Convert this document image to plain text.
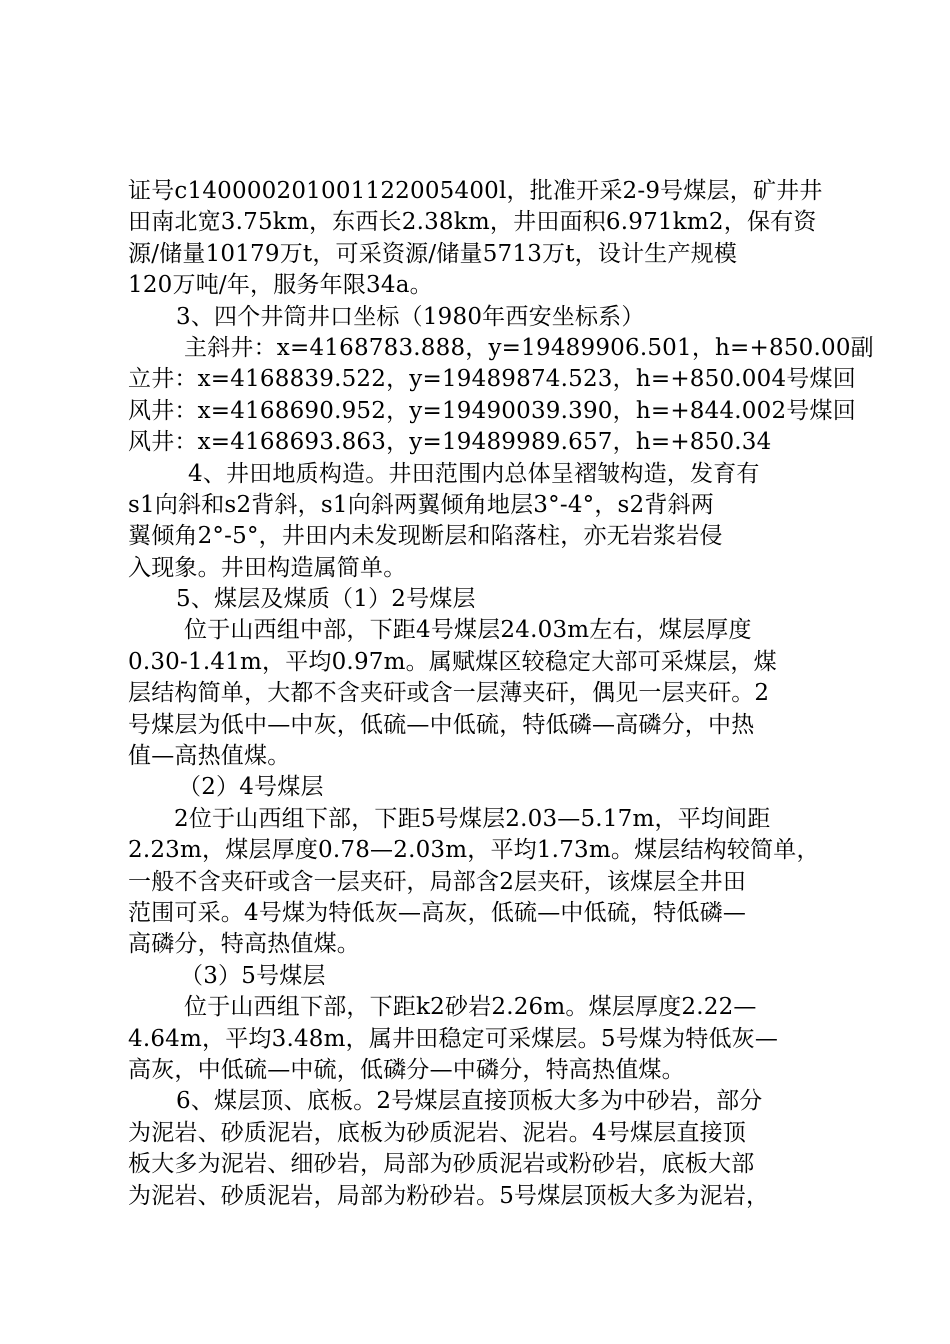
证号c140000201001122005400l，批准开采2-9号煤层，矿井井
田南北宽3.75km，东西长2.38km，井田面积6.971km2，保有资
源/储量10179万t，可采资源/储量5713万t，设计生产规模
120万吨/年，服务年限34a。
3、四个井筒井口坐标（1980年西安坐标系）
主斜井：x=4168783.888，y=19489906.501，h=+850.00副
立井：x=4168839.522，y=19489874.523，h=+850.004号煤回
风井：x=4168690.952，y=19490039.390，h=+844.002号煤回
风井：x=4168693.863，y=19489989.657，h=+850.34
4、井田地质构造。井田范围内总体呈褶皱构造，发育有
s1向斜和s2背斜，s1向斜两翼倾角地层3°-4°，s2背斜两
翼倾角2°-5°，井田内未发现断层和陷落柱，亦无岩浆岩侵
入现象。井田构造属简单。
5、煤层及煤质（1）2号煤层
位于山西组中部，下距4号煤层24.03m左右，煤层厚度
0.30-1.41m，平均0.97m。属赋煤区较稳定大部可采煤层，煤
层结构简单，大都不含夹矸或含一层薄夹矸，偶见一层夹矸。2
号煤层为低中—中灰，低硫—中低硫，特低磷—高磷分，中热
值—高热值煤。
（2）4号煤层
2位于山西组下部，下距5号煤层2.03—5.17m，平均间距
2.23m，煤层厚度0.78—2.03m，平均1.73m。煤层结构较简单，
一般不含夹矸或含一层夹矸，局部含2层夹矸，该煤层全井田
范围可采。4号煤为特低灰—高灰，低硫—中低硫，特低磷—
高磷分，特高热值煤。
（3）5号煤层
位于山西组下部，下距k2砂岩2.26m。煤层厚度2.22—
4.64m，平均3.48m，属井田稳定可采煤层。5号煤为特低灰—
高灰，中低硫—中硫，低磷分—中磷分，特高热值煤。
6、煤层顶、底板。2号煤层直接顶板大多为中砂岩，部分
为泥岩、砂质泥岩，底板为砂质泥岩、泥岩。4号煤层直接顶
板大多为泥岩、细砂岩，局部为砂质泥岩或粉砂岩，底板大部
为泥岩、砂质泥岩，局部为粉砂岩。5号煤层顶板大多为泥岩，
